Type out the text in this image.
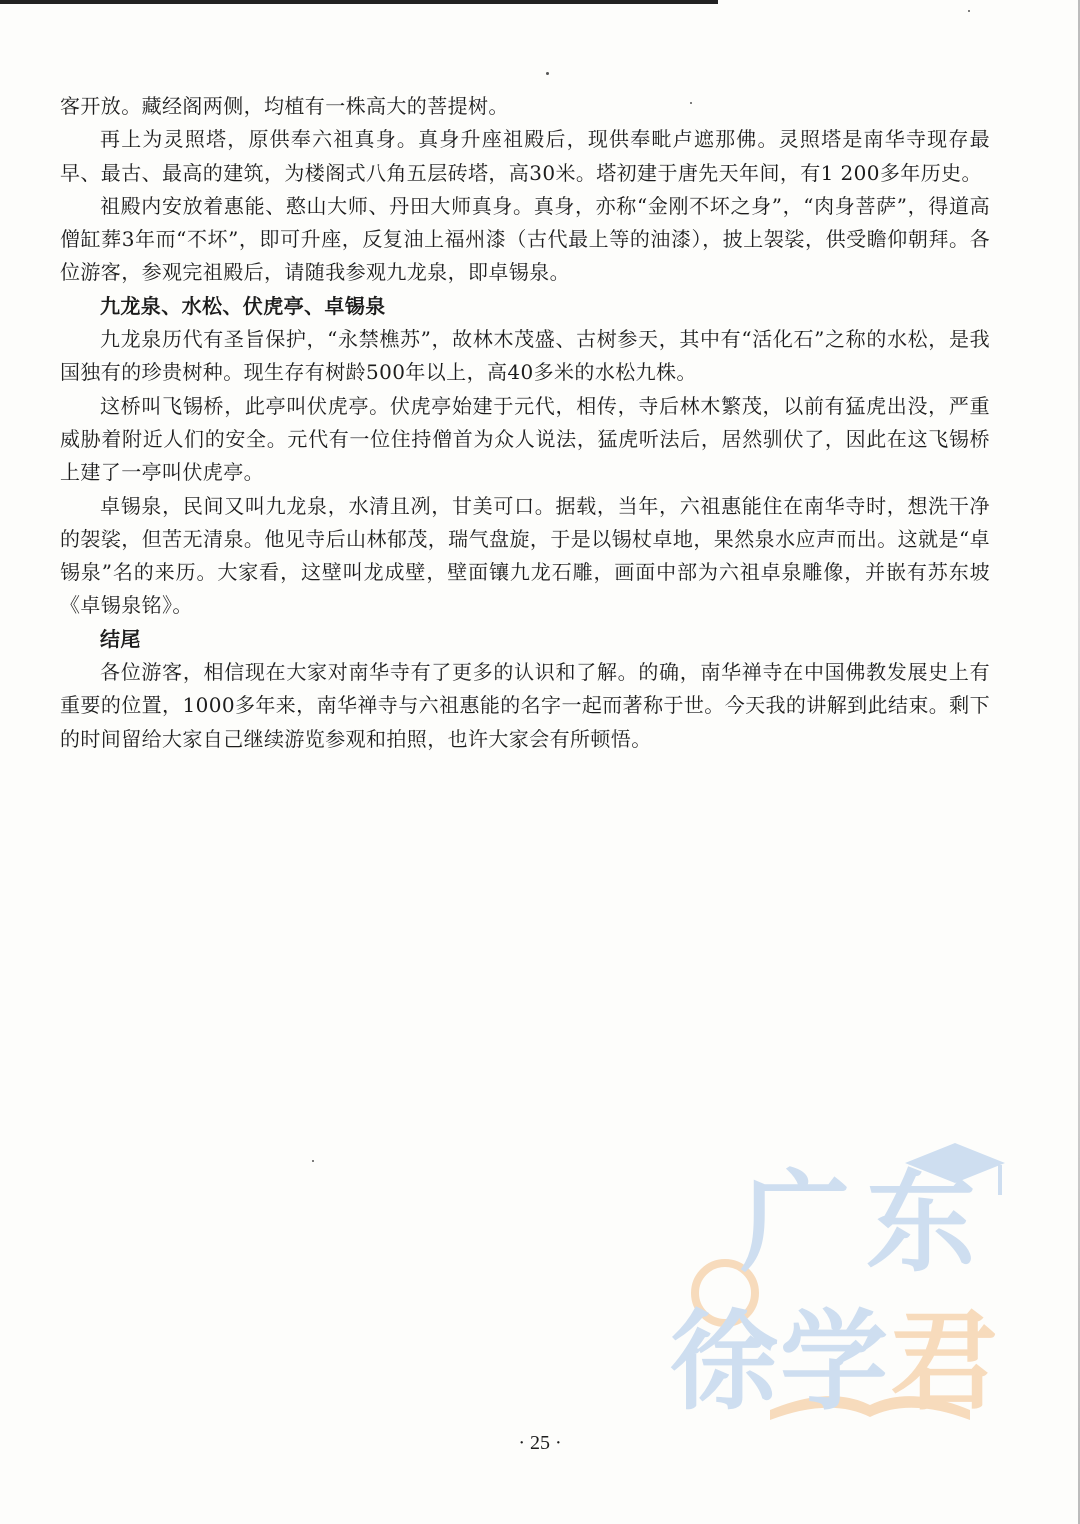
客开放。藏经阁两侧，均植有一株高大的菩提树。

再上为灵照塔，原供奉六祖真身。真身升座祖殿后，现供奉毗卢遮那佛。灵照塔是南华寺现存最早、最古、最高的建筑，为楼阁式八角五层砖塔，高30米。塔初建于唐先天年间，有1 200多年历史。

祖殿内安放着惠能、憨山大师、丹田大师真身。真身，亦称“金刚不坏之身”，“肉身菩萨”，得道高僧缸葬3年而“不坏”，即可升座，反复油上福州漆（古代最上等的油漆），披上袈裟，供受瞻仰朝拜。各位游客，参观完祖殿后，请随我参观九龙泉，即卓锡泉。

九龙泉、水松、伏虎亭、卓锡泉

九龙泉历代有圣旨保护，“永禁樵苏”，故林木茂盛、古树参天，其中有“活化石”之称的水松，是我国独有的珍贵树种。现生存有树龄500年以上，高40多米的水松九株。

这桥叫飞锡桥，此亭叫伏虎亭。伏虎亭始建于元代，相传，寺后林木繁茂，以前有猛虎出没，严重威胁着附近人们的安全。元代有一位住持僧首为众人说法，猛虎听法后，居然驯伏了，因此在这飞锡桥上建了一亭叫伏虎亭。

卓锡泉，民间又叫九龙泉，水清且冽，甘美可口。据载，当年，六祖惠能住在南华寺时，想洗干净的袈裟，但苦无清泉。他见寺后山林郁茂，瑞气盘旋，于是以锡杖卓地，果然泉水应声而出。这就是“卓锡泉”名的来历。大家看，这壁叫龙成壁，壁面镶九龙石雕，画面中部为六祖卓泉雕像，并嵌有苏东坡《卓锡泉铭》。

结尾

各位游客，相信现在大家对南华寺有了更多的认识和了解。的确，南华禅寺在中国佛教发展史上有重要的位置，1000多年来，南华禅寺与六祖惠能的名字一起而著称于世。今天我的讲解到此结束。剩下的时间留给大家自己继续游览参观和拍照，也许大家会有所顿悟。

广东
徐学君
· 25 ·
